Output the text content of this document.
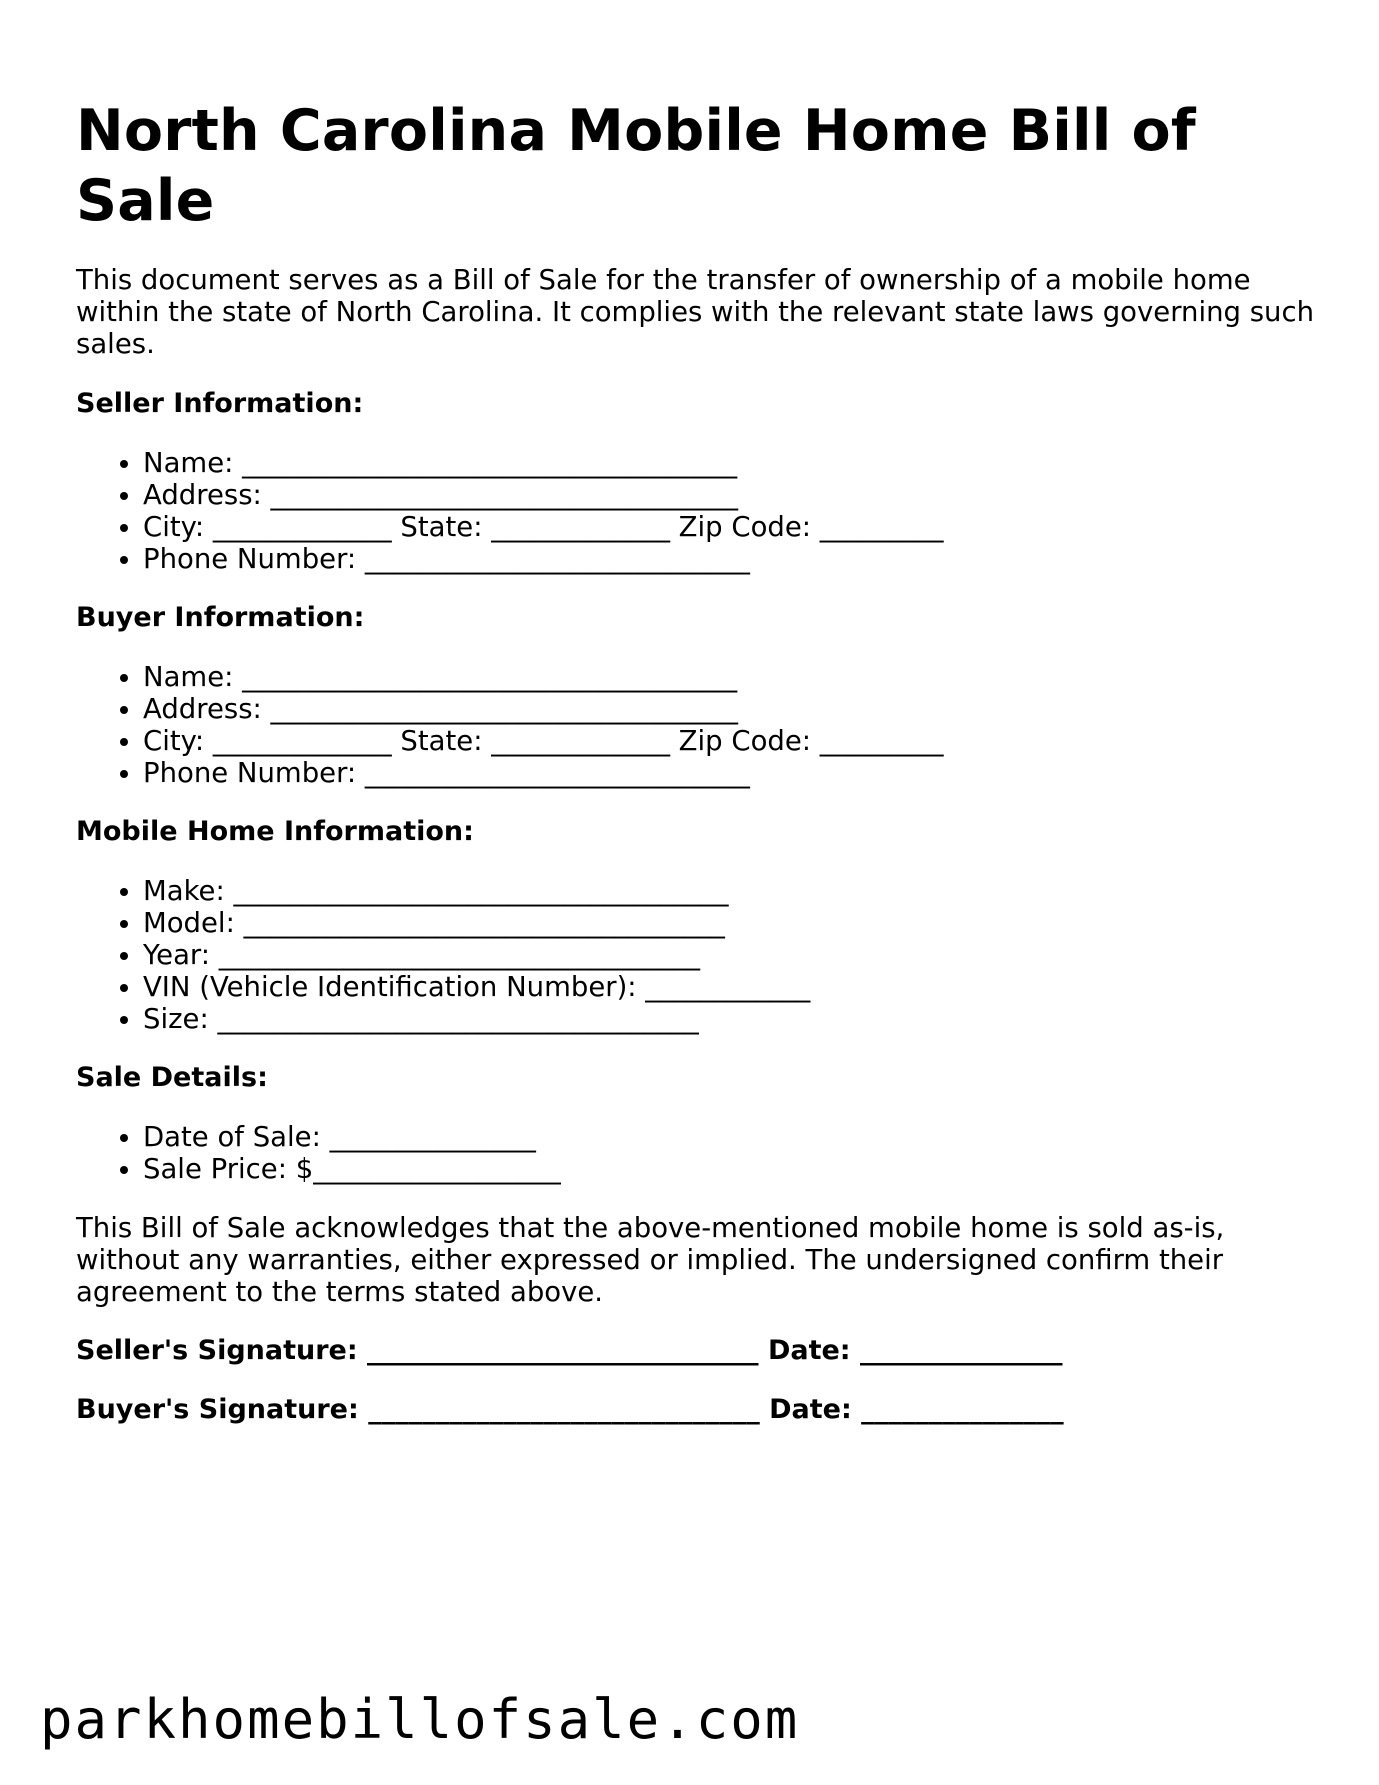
North Carolina Mobile Home Bill of Sale

This document serves as a Bill of Sale for the transfer of ownership of a mobile home within the state of North Carolina. It complies with the relevant state laws governing such sales.

Seller Information:

• Name: ____________________________________
• Address: __________________________________
• City: _____________ State: _____________ Zip Code: _________
• Phone Number: ____________________________

Buyer Information:

• Name: ____________________________________
• Address: __________________________________
• City: _____________ State: _____________ Zip Code: _________
• Phone Number: ____________________________

Mobile Home Information:

• Make: ____________________________________
• Model: ___________________________________
• Year: ___________________________________
• VIN (Vehicle Identification Number): ____________
• Size: ___________________________________

Sale Details:

• Date of Sale: _______________
• Sale Price: $__________________

This Bill of Sale acknowledges that the above-mentioned mobile home is sold as-is, without any warranties, either expressed or implied. The undersigned confirm their agreement to the terms stated above.

Seller's Signature: _____________________________ Date: _______________

Buyer's Signature: _____________________________ Date: _______________

parkhomebillofsale.com
